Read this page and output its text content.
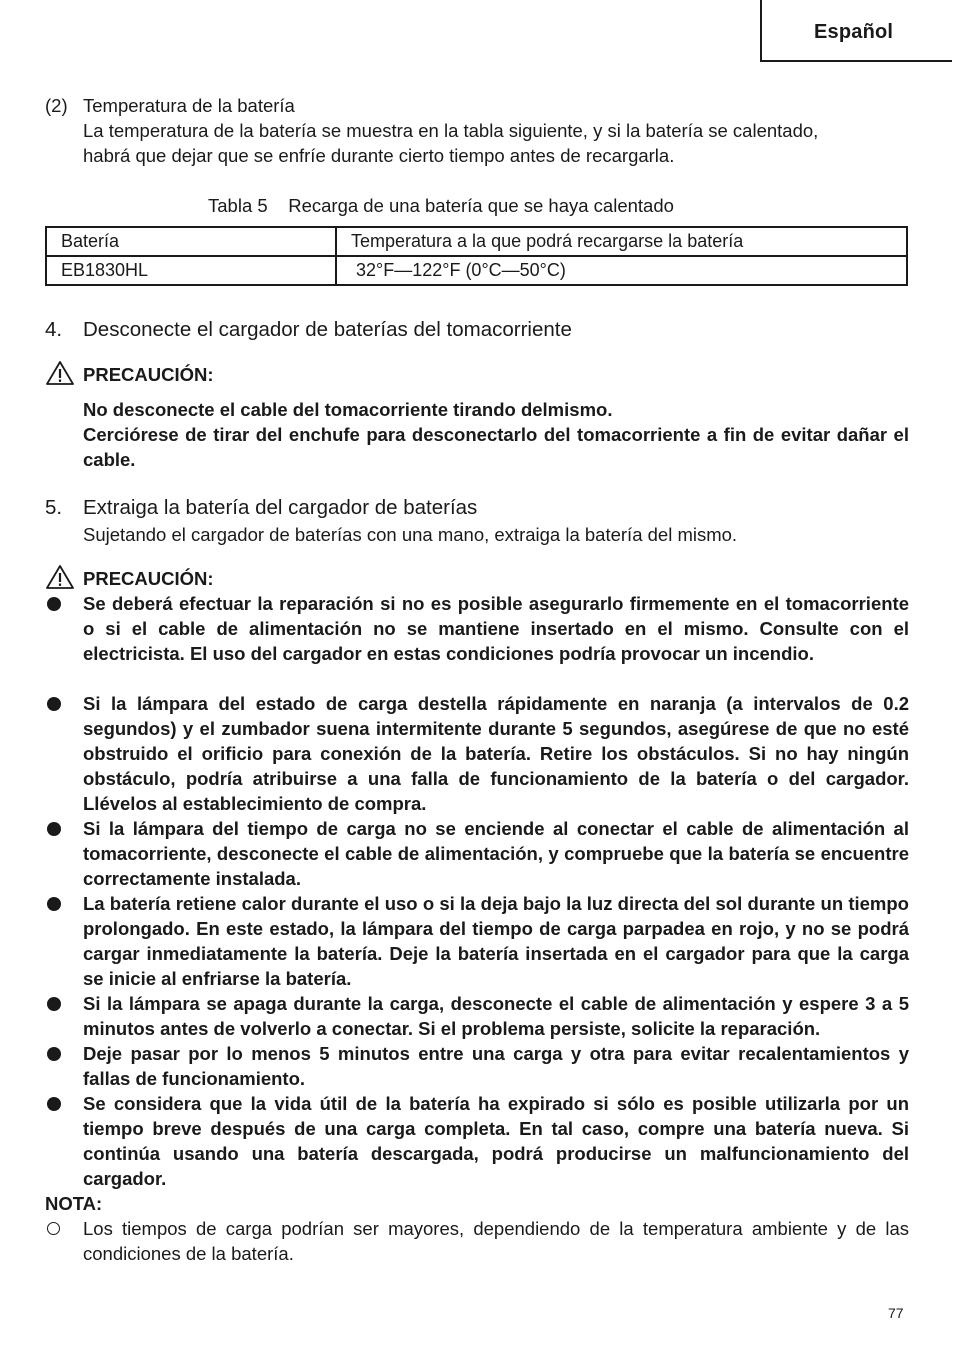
Español
(2) Temperatura de la batería
La temperatura de la batería se muestra en la tabla siguiente, y si la batería se calentado,
habrá que dejar que se enfríe durante cierto tiempo antes de recargarla.
Tabla 5    Recarga de una batería que se haya calentado
Batería	Temperatura a la que podrá recargarse la batería
EB1830HL	32°F—122°F (0°C—50°C)
4. Desconecte el cargador de baterías del tomacorriente
PRECAUCIÓN:
No desconecte el cable del tomacorriente tirando delmismo.
Cerciórese de tirar del enchufe para desconectarlo del tomacorriente a fin de evitar dañar el cable.
5. Extraiga la batería del cargador de baterías
Sujetando el cargador de baterías con una mano, extraiga la batería del mismo.
PRECAUCIÓN:
Se deberá efectuar la reparación si no es posible asegurarlo firmemente en el tomacorriente o si el cable de alimentación no se mantiene insertado en el mismo. Consulte con el electricista. El uso del cargador en estas condiciones podría provocar un incendio.
Si la lámpara del estado de carga destella rápidamente en naranja (a intervalos de 0.2 segundos) y el zumbador suena intermitente durante 5 segundos, asegúrese de que no esté obstruido el orificio para conexión de la batería. Retire los obstáculos. Si no hay ningún obstáculo, podría atribuirse a una falla de funcionamiento de la batería o del cargador. Llévelos al establecimiento de compra.
Si la lámpara del tiempo de carga no se enciende al conectar el cable de alimentación al tomacorriente, desconecte el cable de alimentación, y compruebe que la batería se encuentre correctamente instalada.
La batería retiene calor durante el uso o si la deja bajo la luz directa del sol durante un tiempo prolongado. En este estado, la lámpara del tiempo de carga parpadea en rojo, y no se podrá cargar inmediatamente la batería. Deje la batería insertada en el cargador para que la carga se inicie al enfriarse la batería.
Si la lámpara se apaga durante la carga, desconecte el cable de alimentación y espere 3 a 5 minutos antes de volverlo a conectar. Si el problema persiste, solicite la reparación.
Deje pasar por lo menos 5 minutos entre una carga y otra para evitar recalentamientos y fallas de funcionamiento.
Se considera que la vida útil de la batería ha expirado si sólo es posible utilizarla por un tiempo breve después de una carga completa. En tal caso, compre una batería nueva. Si continúa usando una batería descargada, podrá producirse un malfuncionamiento del cargador.
NOTA:
Los tiempos de carga podrían ser mayores, dependiendo de la temperatura ambiente y de las condiciones de la batería.
77
